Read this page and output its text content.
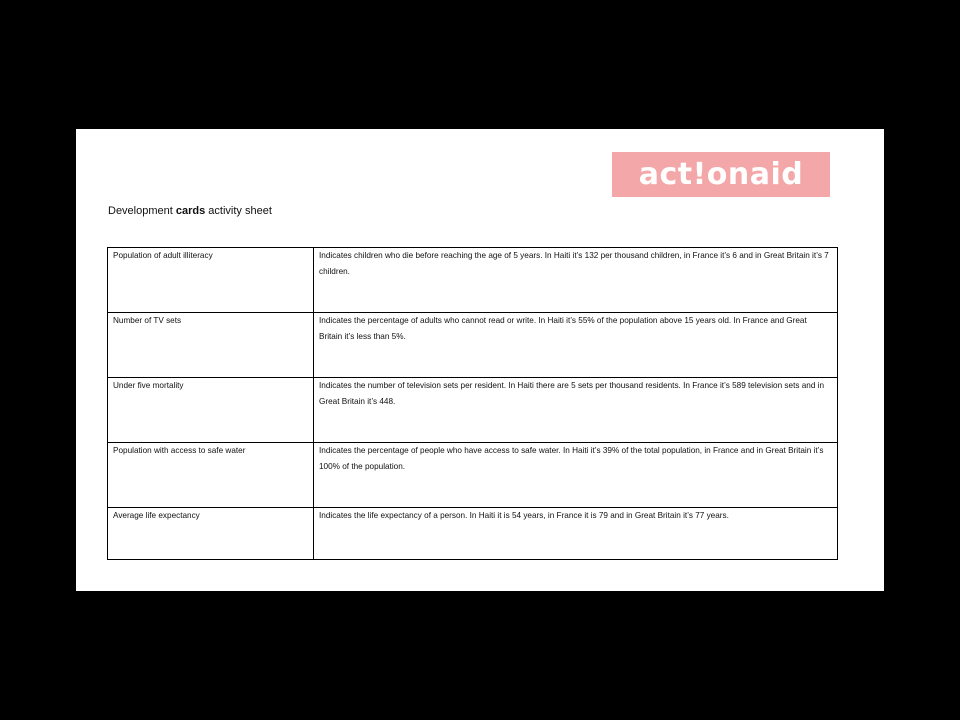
act!onaid
Development cards activity sheet
Population of adult illiteracy	Indicates children who die before reaching the age of 5 years. In Haiti it’s 132 per thousand children, in France it’s 6 and in Great Britain it’s 7 children.
Number of TV sets	Indicates the percentage of adults who cannot read or write. In Haiti it’s 55% of the population above 15 years old. In France and Great Britain it’s less than 5%.
Under five mortality	Indicates the number of television sets per resident. In Haiti there are 5 sets per thousand residents. In France it’s 589 television sets and in Great Britain it’s 448.
Population with access to safe water	Indicates the percentage of people who have access to safe water. In Haiti it’s 39% of the total population, in France and in Great Britain it’s 100% of the population.
Average life expectancy	Indicates the life expectancy of a person. In Haiti it is 54 years, in France it is 79 and in Great Britain it’s 77 years.
